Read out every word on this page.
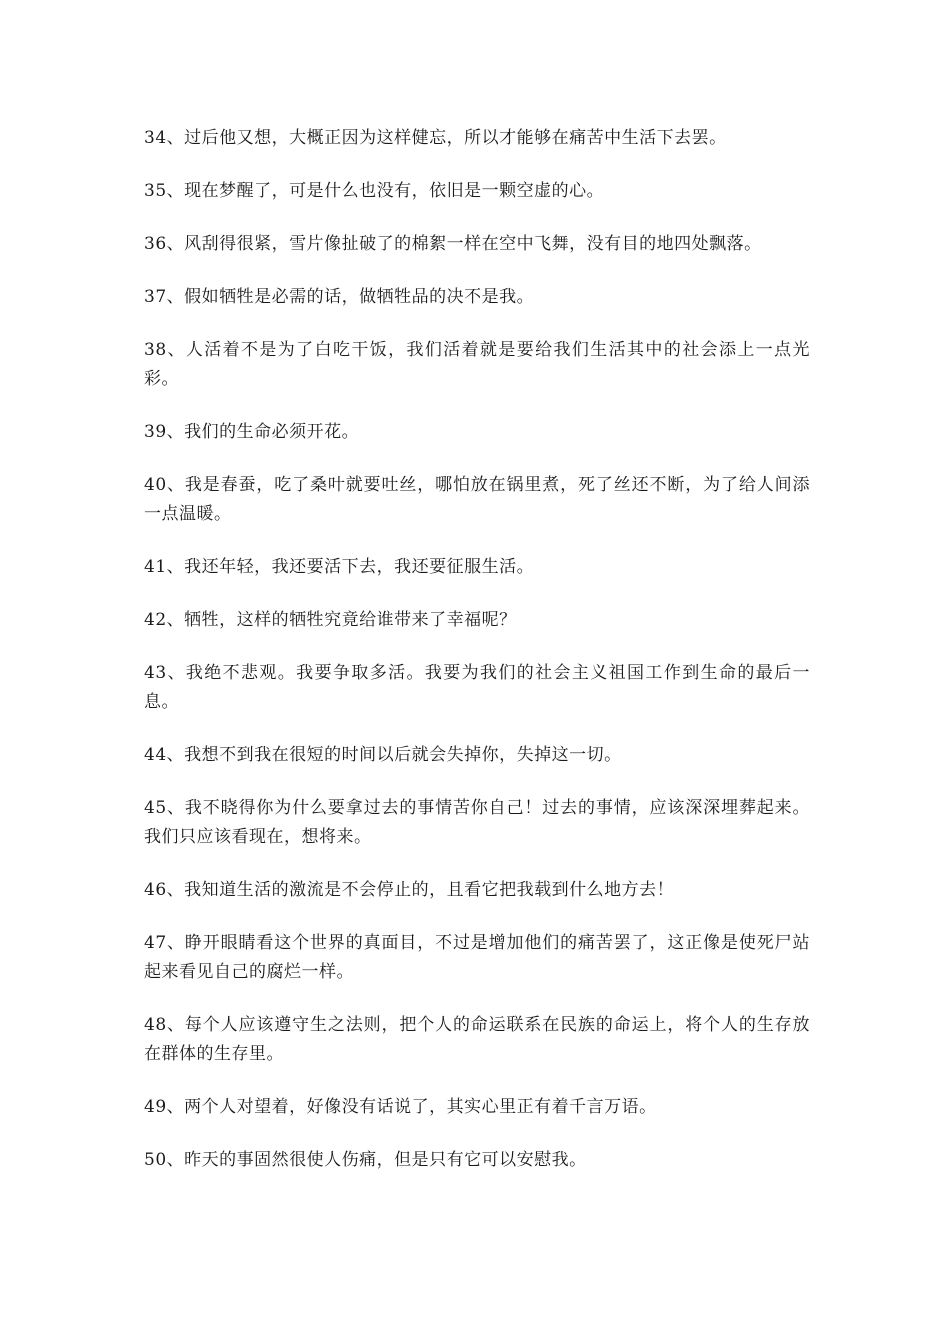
34、过后他又想，大概正因为这样健忘，所以才能够在痛苦中生活下去罢。

35、现在梦醒了，可是什么也没有，依旧是一颗空虚的心。

36、风刮得很紧，雪片像扯破了的棉絮一样在空中飞舞，没有目的地四处飘落。

37、假如牺牲是必需的话，做牺牲品的决不是我。

38、人活着不是为了白吃干饭，我们活着就是要给我们生活其中的社会添上一点光彩。

39、我们的生命必须开花。

40、我是春蚕，吃了桑叶就要吐丝，哪怕放在锅里煮，死了丝还不断，为了给人间添一点温暖。

41、我还年轻，我还要活下去，我还要征服生活。

42、牺牲，这样的牺牲究竟给谁带来了幸福呢？

43、我绝不悲观。我要争取多活。我要为我们的社会主义祖国工作到生命的最后一息。

44、我想不到我在很短的时间以后就会失掉你，失掉这一切。

45、我不晓得你为什么要拿过去的事情苦你自己！过去的事情，应该深深埋葬起来。我们只应该看现在，想将来。

46、我知道生活的激流是不会停止的，且看它把我载到什么地方去！

47、睁开眼睛看这个世界的真面目，不过是增加他们的痛苦罢了，这正像是使死尸站起来看见自己的腐烂一样。

48、每个人应该遵守生之法则，把个人的命运联系在民族的命运上，将个人的生存放在群体的生存里。

49、两个人对望着，好像没有话说了，其实心里正有着千言万语。

50、昨天的事固然很使人伤痛，但是只有它可以安慰我。
